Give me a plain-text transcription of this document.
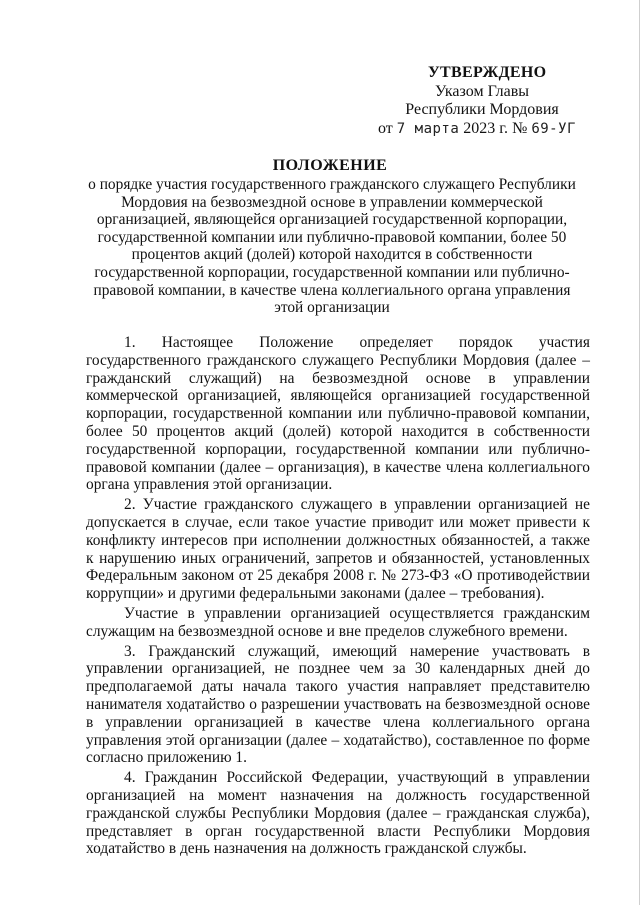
УТВЕРЖДЕНО
Указом Главы
Республики Мордовия
от 7 марта 2023 г. № 69-УГ
ПОЛОЖЕНИЕ
о порядке участия государственного гражданского служащего Республики Мордовия на безвозмездной основе в управлении коммерческой организацией, являющейся организацией государственной корпорации, государственной компании или публично-правовой компании, более 50 процентов акций (долей) которой находится в собственности государственной корпорации, государственной компании или публично-правовой компании, в качестве члена коллегиального органа управления этой организации

1. Настоящее Положение определяет порядок участия государственного гражданского служащего Республики Мордовия (далее – гражданский служащий) на безвозмездной основе в управлении коммерческой организацией, являющейся организацией государственной корпорации, государственной компании или публично-правовой компании, более 50 процентов акций (долей) которой находится в собственности государственной корпорации, государственной компании или публично-правовой компании (далее – организация), в качестве члена коллегиального органа управления этой организации.

2. Участие гражданского служащего в управлении организацией не допускается в случае, если такое участие приводит или может привести к конфликту интересов при исполнении должностных обязанностей, а также к нарушению иных ограничений, запретов и обязанностей, установленных Федеральным законом от 25 декабря 2008 г. № 273-ФЗ «О противодействии коррупции» и другими федеральными законами (далее – требования).

Участие в управлении организацией осуществляется гражданским служащим на безвозмездной основе и вне пределов служебного времени.

3. Гражданский служащий, имеющий намерение участвовать в управлении организацией, не позднее чем за 30 календарных дней до предполагаемой даты начала такого участия направляет представителю нанимателя ходатайство о разрешении участвовать на безвозмездной основе в управлении организацией в качестве члена коллегиального органа управления этой организации (далее – ходатайство), составленное по форме согласно приложению 1.

4. Гражданин Российской Федерации, участвующий в управлении организацией на момент назначения на должность государственной гражданской службы Республики Мордовия (далее – гражданская служба), представляет в орган государственной власти Республики Мордовия ходатайство в день назначения на должность гражданской службы.
